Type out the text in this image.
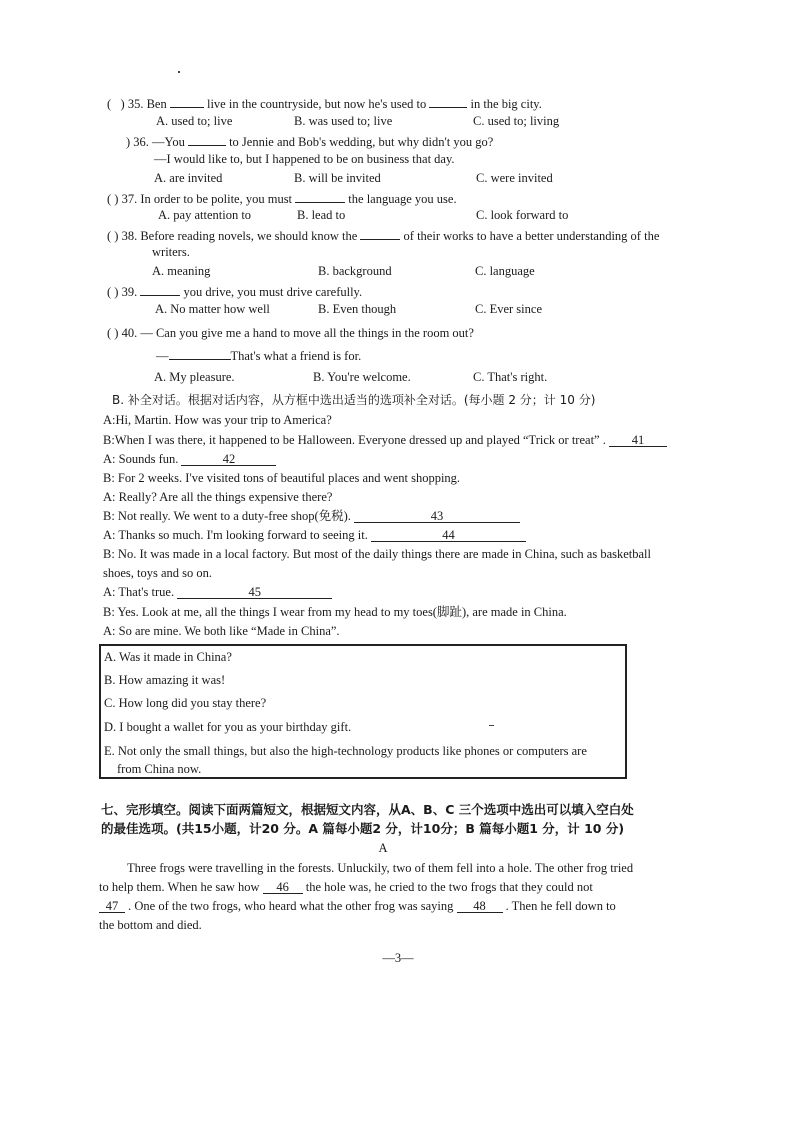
( ) 35. Ben	live in the countryside, but now he's used to	in the big city.
A. used to; live	B. was used to; live	C. used to; living
) 36. —You	to Jennie and Bob's wedding, but why didn't you go?
—I would like to, but I happened to be on business that day.
A. are invited	B. will be invited	C. were invited
( ) 37. In order to be polite, you must	the language you use.
A. pay attention to	B. lead to	C. look forward to
( ) 38. Before reading novels, we should know the	of their works to have a better understanding of the
writers.
A. meaning	B. background	C. language
( ) 39.	you drive, you must drive carefully.
A. No matter how well	B. Even though	C. Ever since
( ) 40. — Can you give me a hand to move all the things in the room out?
—	That's what a friend is for.
A. My pleasure.	B. You're welcome.	C. That's right.
B. 补全对话。根据对话内容，从方框中选出适当的选项补全对话。(每小题 2 分；计 10 分)
A:Hi, Martin. How was your trip to America?
B:When I was there, it happened to be Halloween. Everyone dressed up and played “Trick or treat” . 41
A: Sounds fun.	42
B: For 2 weeks. I've visited tons of beautiful places and went shopping.
A: Really? Are all the things expensive there?
B: Not really. We went to a duty-free shop(免税).	43
A: Thanks so much. I'm looking forward to seeing it.	44
B: No. It was made in a local factory. But most of the daily things there are made in China, such as basketball
shoes, toys and so on.
A: That's true.	45
B: Yes. Look at me, all the things I wear from my head to my toes(脚趾), are made in China.
A: So are mine. We both like “Made in China”.
A. Was it made in China?
B. How amazing it was!
C. How long did you stay there?
D. I bought a wallet for you as your birthday gift.
E. Not only the small things, but also the high-technology products like phones or computers are
from China now.
七、完形填空。阅读下面两篇短文，根据短文内容，从A、B、C 三个选项中选出可以填入空白处
的最佳选项。(共15小题，计20 分。A 篇每小题2 分，计10分；B 篇每小题1 分，计 10 分)
A
Three frogs were travelling in the forests. Unluckily, two of them fell into a hole. The other frog tried
to help them. When he saw how 46 the hole was, he cried to the two frogs that they could not
47 . One of the two frogs, who heard what the other frog was saying 48 . Then he fell down to
the bottom and died.
—3—
